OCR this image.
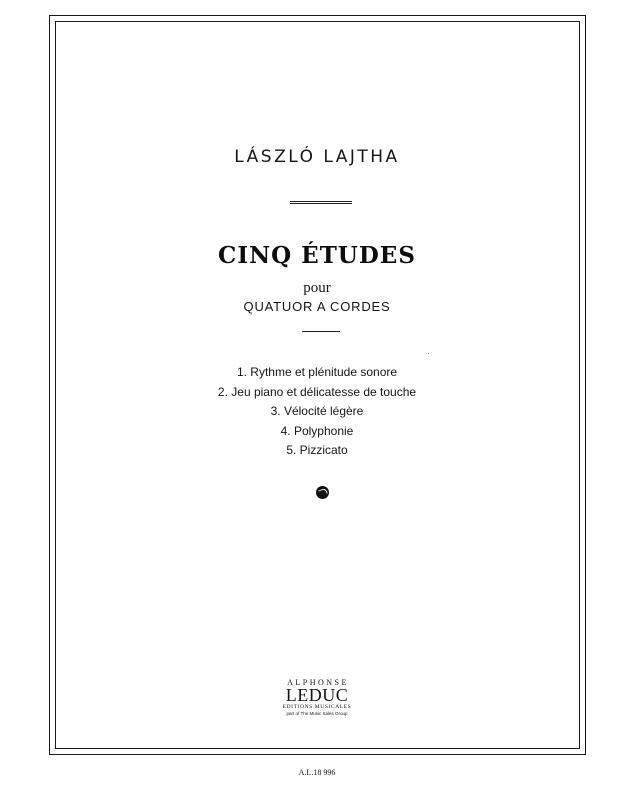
LÁSZLÓ LAJTHA
CINQ ÉTUDES
pour
QUATUOR A CORDES
1. Rythme et plénitude sonore
2. Jeu piano et délicatesse de touche
3. Vélocité légère
4. Polyphonie
5. Pizzicato
ALPHONSE
LEDUC
EDITIONS MUSICALES
part of The Music Sales Group
A.L.18 996
